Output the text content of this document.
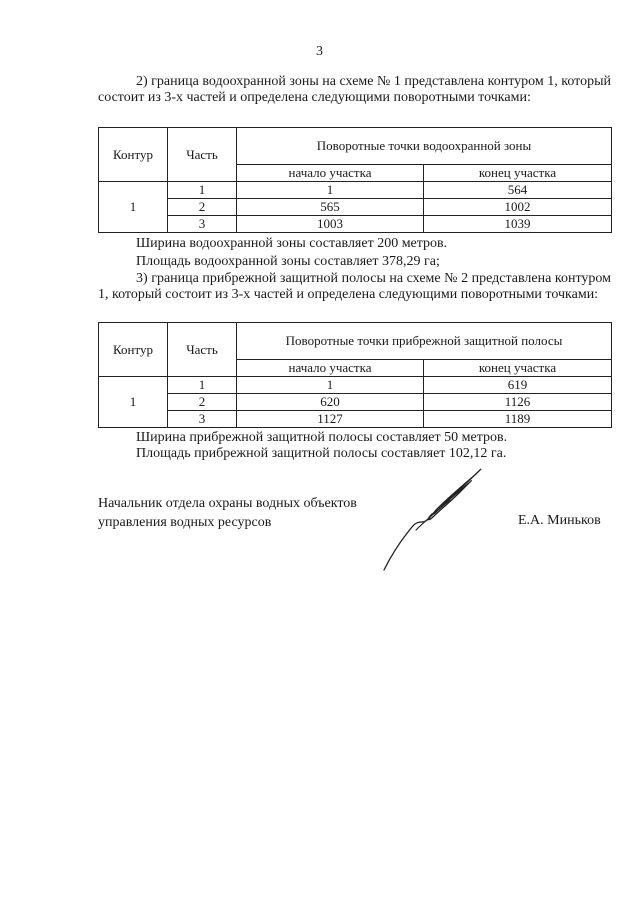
3
2) граница водоохранной зоны на схеме № 1 представлена контуром 1, который состоит из 3-х частей и определена следующими поворотными точками:
Контур	Часть	Поворотные точки водоохранной зоны	
		начало участка	конец участка
1	1	1	564
	2	565	1002
	3	1003	1039
Ширина водоохранной зоны составляет 200 метров.
Площадь водоохранной зоны составляет 378,29 га;
3) граница прибрежной защитной полосы на схеме № 2 представлена контуром 1, который состоит из 3-х частей и определена следующими поворотными точками:
Контур	Часть	Поворотные точки прибрежной защитной полосы	
		начало участка	конец участка
1	1	1	619
	2	620	1126
	3	1127	1189
Ширина прибрежной защитной полосы составляет 50 метров.
Площадь прибрежной защитной полосы составляет 102,12 га.
Начальник отдела охраны водных объектов
управления водных ресурсов	Е.А. Миньков
